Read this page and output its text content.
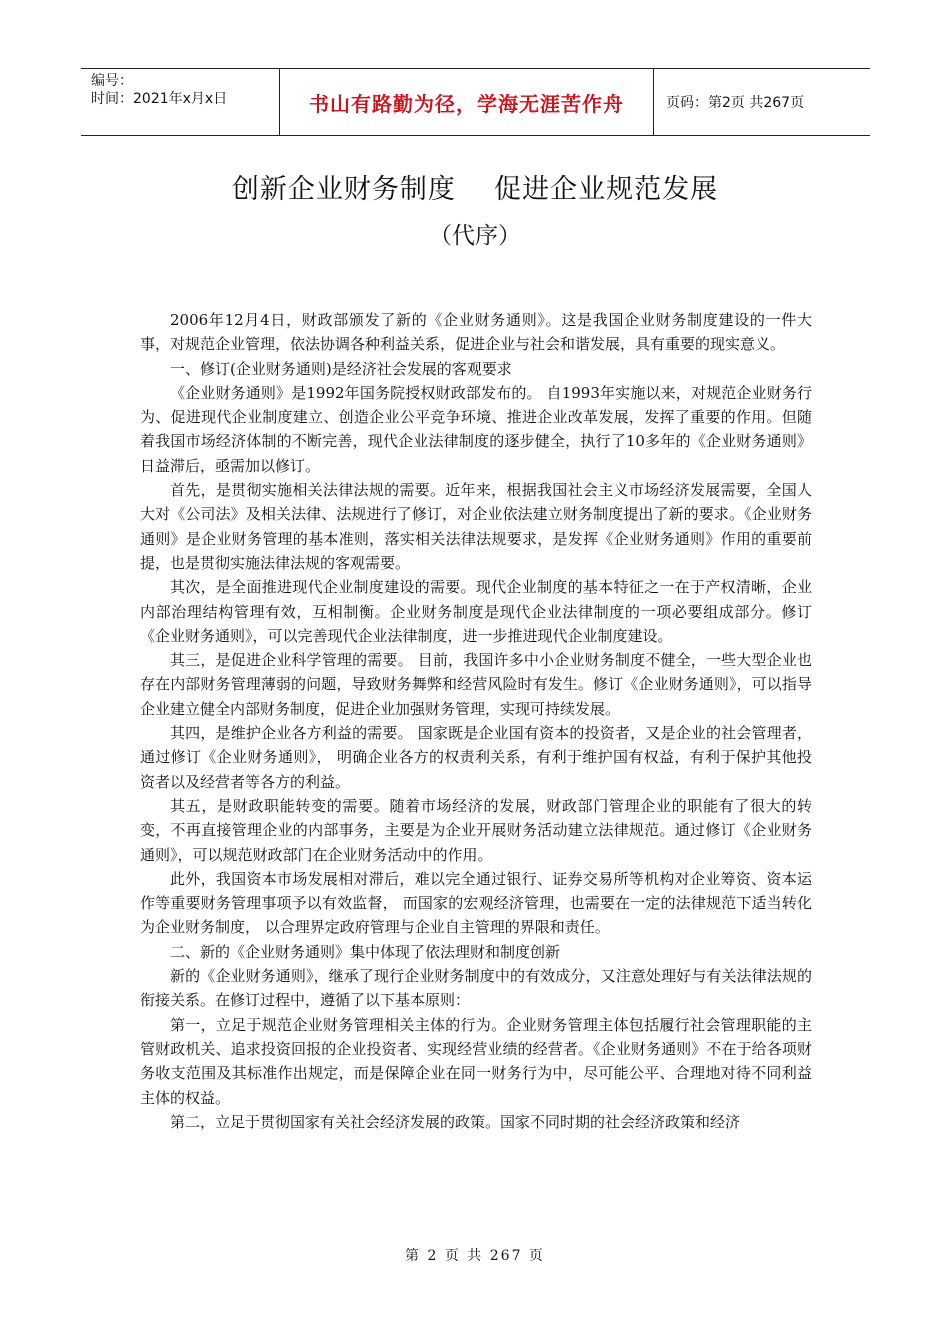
编号：
时间：2021年x月x日	书山有路勤为径，学海无涯苦作舟	页码：第2页 共267页
创新企业财务制度    促进企业规范发展
（代序）

2006年12月4日，财政部颁发了新的《企业财务通则》。这是我国企业财务制度建设的一件大事，对规范企业管理，依法协调各种利益关系，促进企业与社会和谐发展，具有重要的现实意义。

一、修订(企业财务通则)是经济社会发展的客观要求

《企业财务通则》是1992年国务院授权财政部发布的。 自1993年实施以来，对规范企业财务行为、促进现代企业制度建立、创造企业公平竞争环境、推进企业改革发展，发挥了重要的作用。但随着我国市场经济体制的不断完善，现代企业法律制度的逐步健全，执行了10多年的《企业财务通则》日益滞后，亟需加以修订。

首先，是贯彻实施相关法律法规的需要。近年来，根据我国社会主义市场经济发展需要，全国人大对《公司法》及相关法律、法规进行了修订，对企业依法建立财务制度提出了新的要求。《企业财务通则》是企业财务管理的基本准则，落实相关法律法规要求，是发挥《企业财务通则》作用的重要前提，也是贯彻实施法律法规的客观需要。

其次，是全面推进现代企业制度建设的需要。现代企业制度的基本特征之一在于产权清晰，企业内部治理结构管理有效，互相制衡。企业财务制度是现代企业法律制度的一项必要组成部分。修订《企业财务通则》，可以完善现代企业法律制度，进一步推进现代企业制度建设。

其三，是促进企业科学管理的需要。 目前，我国许多中小企业财务制度不健全，一些大型企业也存在内部财务管理薄弱的问题，导致财务舞弊和经营风险时有发生。修订《企业财务通则》，可以指导企业建立健全内部财务制度，促进企业加强财务管理，实现可持续发展。

其四，是维护企业各方利益的需要。 国家既是企业国有资本的投资者，又是企业的社会管理者，通过修订《企业财务通则》， 明确企业各方的权责利关系，有利于维护国有权益，有利于保护其他投资者以及经营者等各方的利益。

其五，是财政职能转变的需要。随着市场经济的发展，财政部门管理企业的职能有了很大的转变，不再直接管理企业的内部事务，主要是为企业开展财务活动建立法律规范。通过修订《企业财务通则》，可以规范财政部门在企业财务活动中的作用。

此外，我国资本市场发展相对滞后，难以完全通过银行、证券交易所等机构对企业筹资、资本运作等重要财务管理事项予以有效监督， 而国家的宏观经济管理，也需要在一定的法律规范下适当转化为企业财务制度， 以合理界定政府管理与企业自主管理的界限和责任。

二、新的《企业财务通则》集中体现了依法理财和制度创新

新的《企业财务通则》，继承了现行企业财务制度中的有效成分，又注意处理好与有关法律法规的衔接关系。在修订过程中，遵循了以下基本原则：

第一，立足于规范企业财务管理相关主体的行为。企业财务管理主体包括履行社会管理职能的主管财政机关、追求投资回报的企业投资者、实现经营业绩的经营者。《企业财务通则》不在于给各项财务收支范围及其标准作出规定，而是保障企业在同一财务行为中，尽可能公平、合理地对待不同利益主体的权益。

第二，立足于贯彻国家有关社会经济发展的政策。国家不同时期的社会经济政策和经济

第 2 页 共 267 页
